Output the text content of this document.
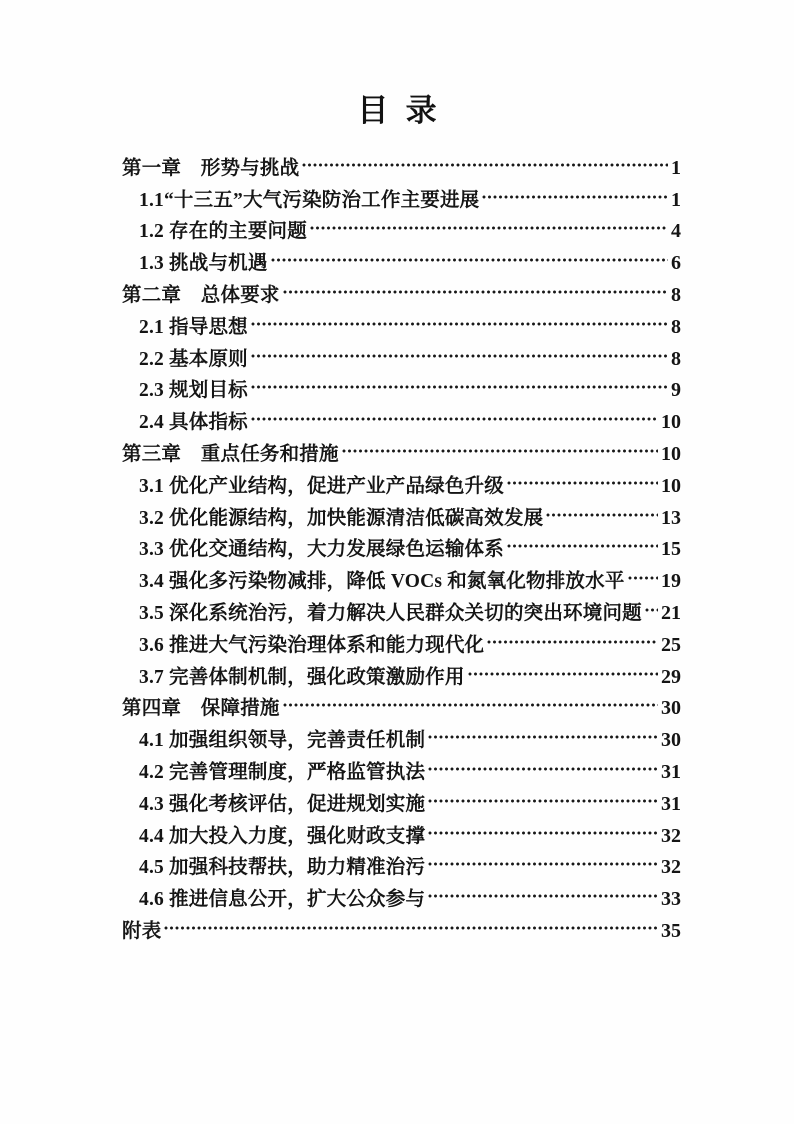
目  录
第一章　形势与挑战	1
1.1“十三五”大气污染防治工作主要进展	1
1.2 存在的主要问题	4
1.3 挑战与机遇	6
第二章　总体要求	8
2.1 指导思想	8
2.2 基本原则	8
2.3 规划目标	9
2.4 具体指标	10
第三章　重点任务和措施	10
3.1 优化产业结构，促进产业产品绿色升级	10
3.2 优化能源结构，加快能源清洁低碳高效发展	13
3.3 优化交通结构，大力发展绿色运输体系	15
3.4 强化多污染物减排，降低 VOCs 和氮氧化物排放水平 19
3.5 深化系统治污，着力解决人民群众关切的突出环境问题 21
3.6 推进大气污染治理体系和能力现代化	25
3.7 完善体制机制，强化政策激励作用	29
第四章　保障措施	30
4.1 加强组织领导，完善责任机制	30
4.2 完善管理制度，严格监管执法	31
4.3 强化考核评估，促进规划实施	31
4.4 加大投入力度，强化财政支撑	32
4.5 加强科技帮扶，助力精准治污	32
4.6 推进信息公开，扩大公众参与	33
附表	35
